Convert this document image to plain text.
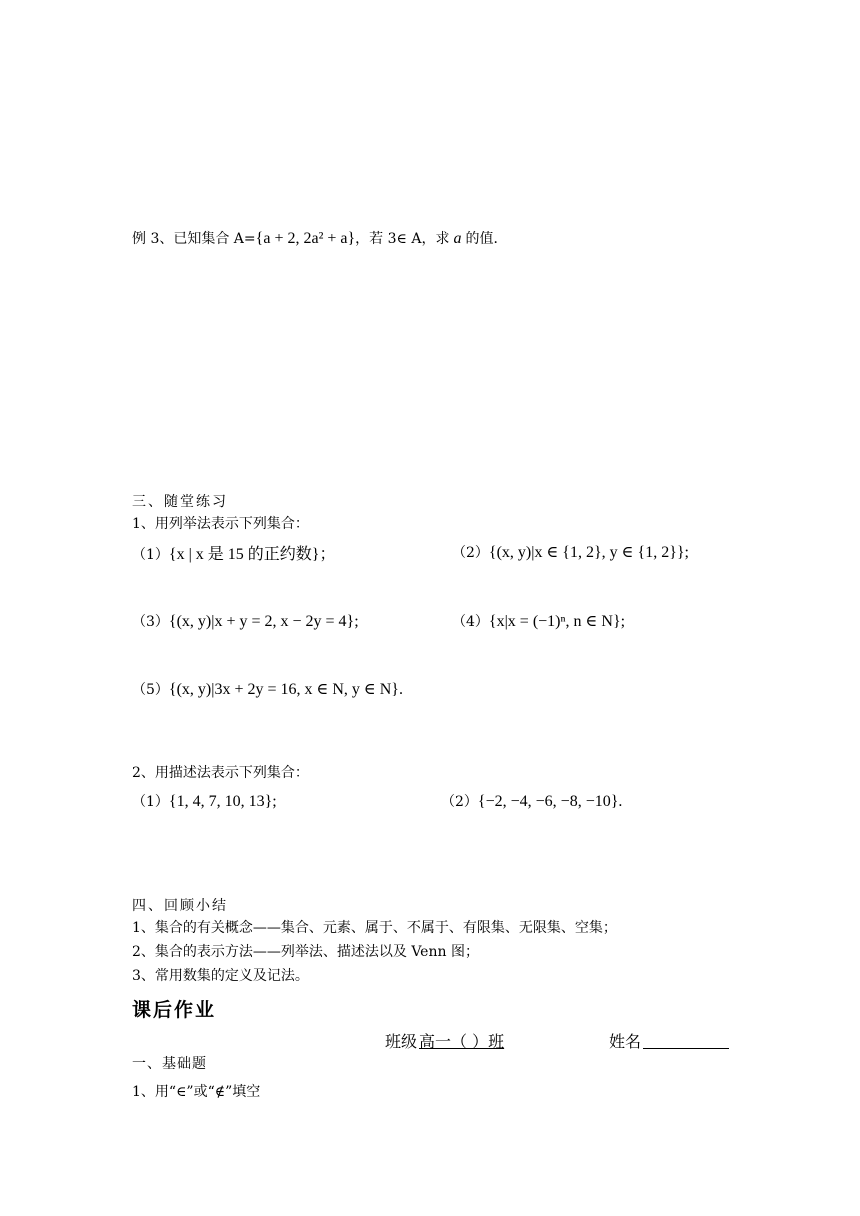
例 3、已知集合 A={a + 2, 2a² + a}，若 3∈ A，求 a 的值．
三、随堂练习
1、用列举法表示下列集合：
（1）{x | x 是 15 的正约数}；	（2）{(x, y)|x ∈ {1, 2}, y ∈ {1, 2}};
（3）{(x, y)|x + y = 2, x − 2y = 4};	（4）{x|x = (−1)ⁿ, n ∈ N};
（5）{(x, y)|3x + 2y = 16, x ∈ N, y ∈ N}.
2、用描述法表示下列集合：
（1）{1, 4, 7, 10, 13};	（2）{−2, −4, −6, −8, −10}.
四、回顾小结
1、集合的有关概念——集合、元素、属于、不属于、有限集、无限集、空集；
2、集合的表示方法——列举法、描述法以及 Venn 图；
3、常用数集的定义及记法。
课后作业
班级 高一（ ）班	姓名
一、基础题
1、用“∈”或“∉”填空
